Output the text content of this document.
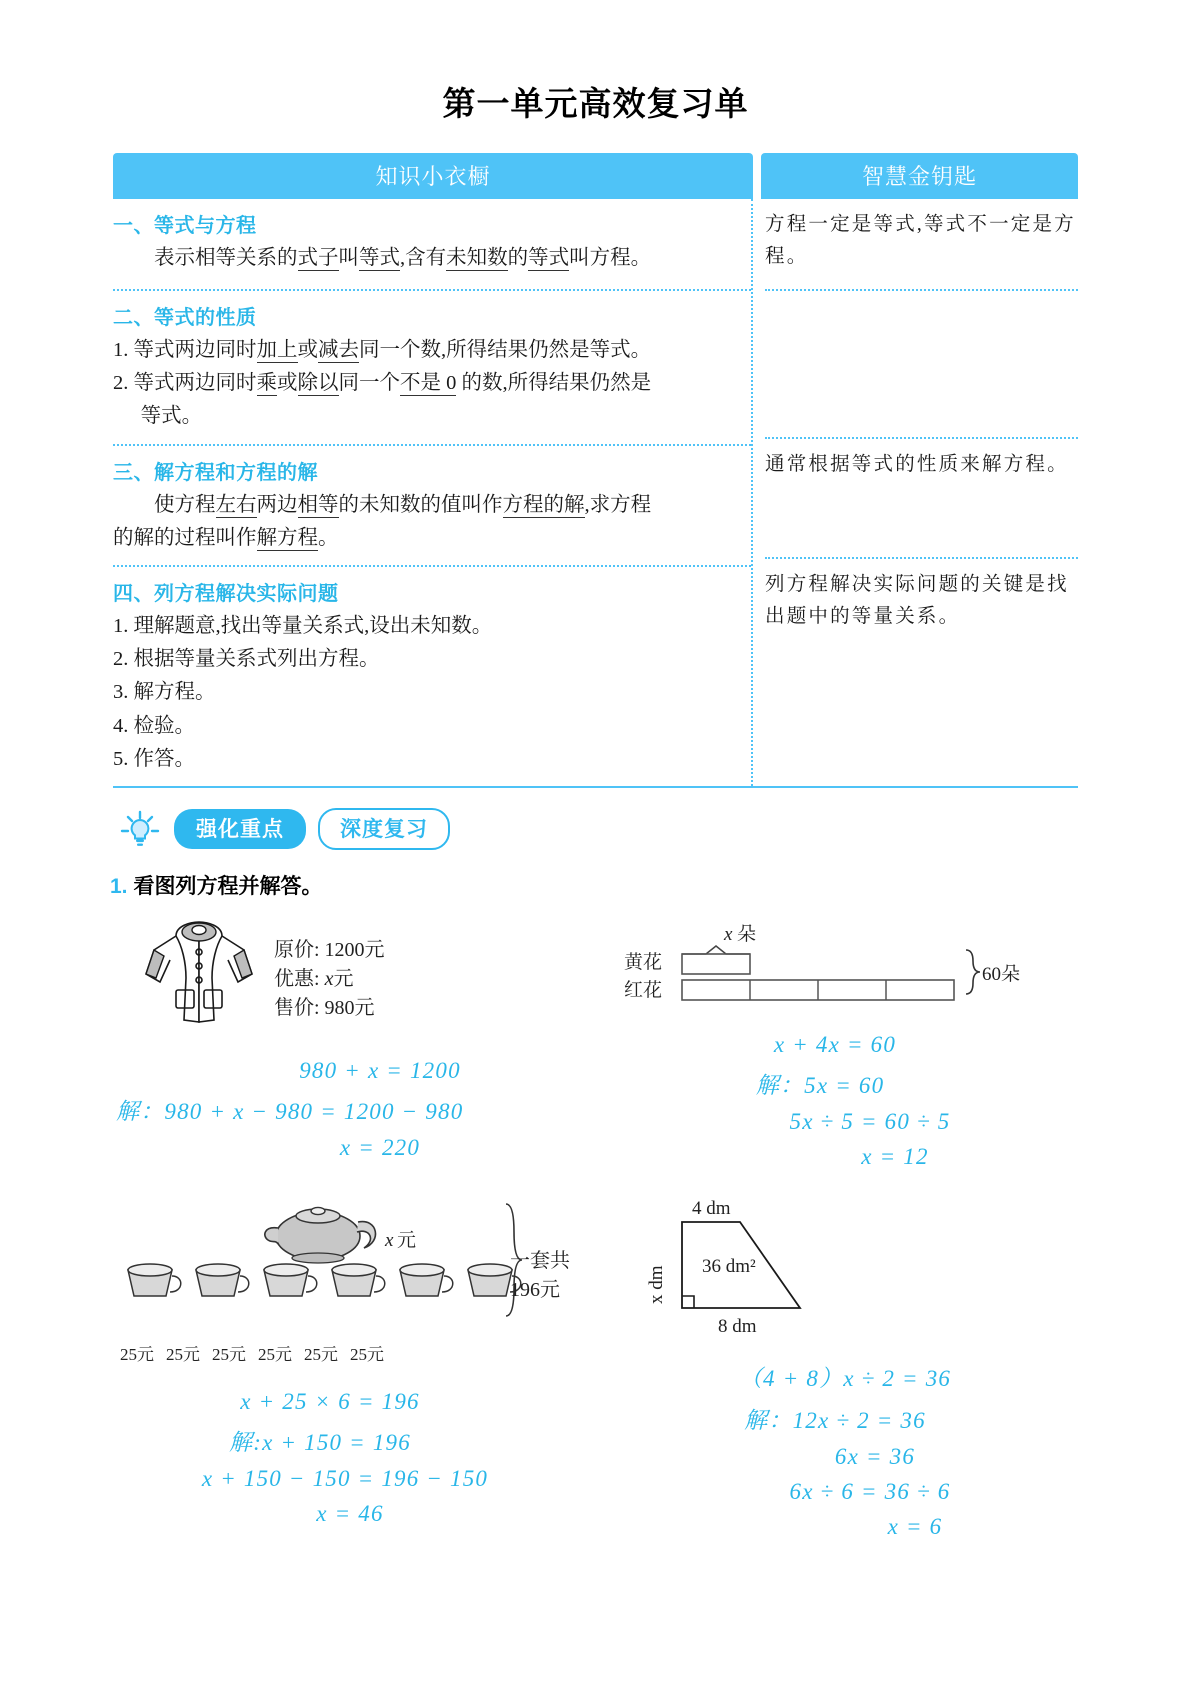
第一单元高效复习单
知识小衣橱	智慧金钥匙
一、等式与方程
表示相等关系的式子叫等式,含有未知数的等式叫方程。
二、等式的性质
1. 等式两边同时加上或减去同一个数,所得结果仍然是等式。
2. 等式两边同时乘或除以同一个不是 0 的数,所得结果仍然是
等式。
三、解方程和方程的解
使方程左右两边相等的未知数的值叫作方程的解,求方程
的解的过程叫作解方程。
四、列方程解决实际问题
1. 理解题意,找出等量关系式,设出未知数。
2. 根据等量关系式列出方程。
3. 解方程。
4. 检验。
5. 作答。
方程一定是等式,等式不一定是方程。
通常根据等式的性质来解方程。
列方程解决实际问题的关键是找出题中的等量关系。
强化重点	深度复习
1. 看图列方程并解答。
原价: 1200元
优惠: x元
售价: 980元
980 + x = 1200
解：980 + x − 980 = 1200 − 980
x = 220
黄花
红花
x 朵
60朵
x + 4x = 60
解：5x = 60
5x ÷ 5 = 60 ÷ 5
x = 12
x 元
一套共
196元
25元 25元 25元 25元 25元 25元
x + 25 × 6 = 196
解:x + 150 = 196
x + 150 − 150 = 196 − 150
x = 46
4 dm
x dm 36 dm²
8 dm
（4 + 8）x ÷ 2 = 36
解：12x ÷ 2 = 36
6x = 36
6x ÷ 6 = 36 ÷ 6
x = 6
